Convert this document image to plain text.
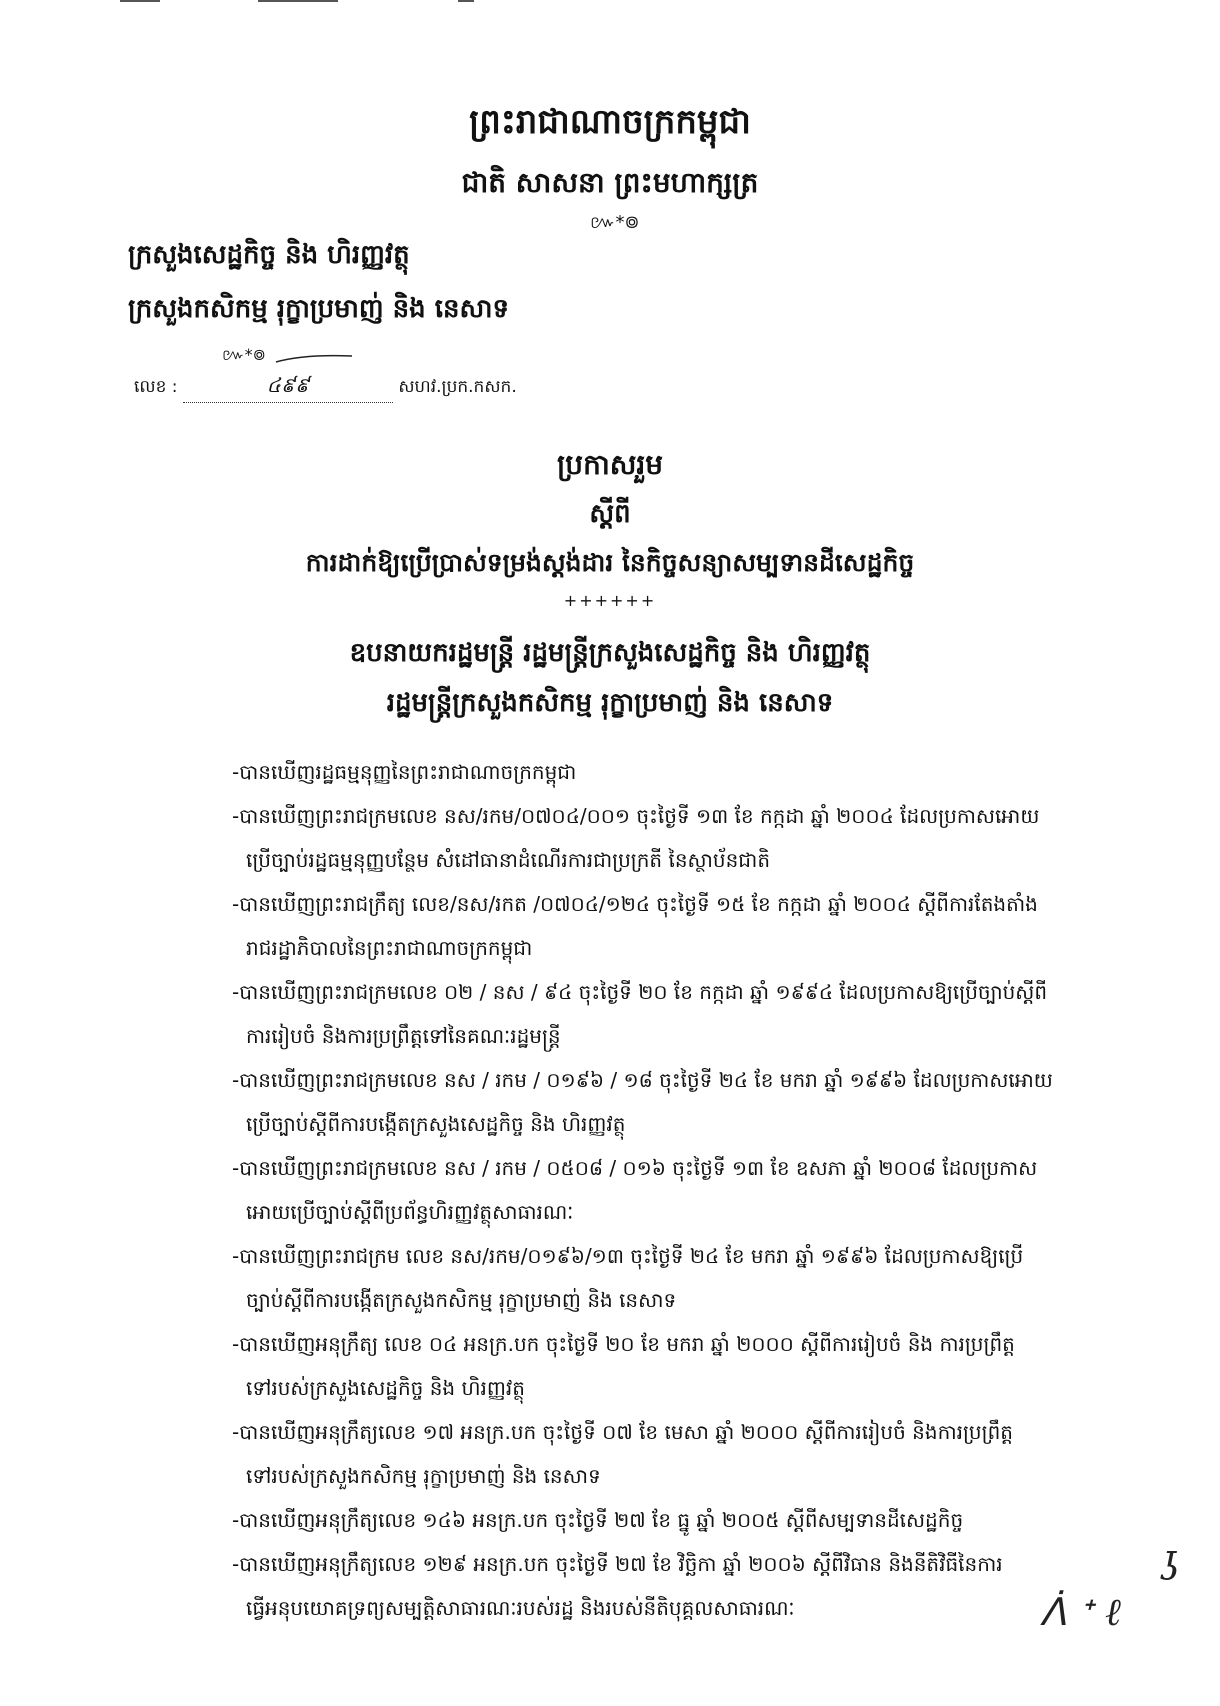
ព្រះរាជាណាចក្រកម្ពុជា
ជាតិ សាសនា ព្រះមហាក្សត្រ
៚*៙
ក្រសួងសេដ្ឋកិច្ច និង ហិរញ្ញវត្ថុ
ក្រសួងកសិកម្ម រុក្ខាប្រមាញ់ និង នេសាទ
៚*៙
លេខ :	៤៩៩	សហវ.ប្រក.កសក.
ប្រកាសរួម
ស្តីពី
ការដាក់ឱ្យប្រើប្រាស់ទម្រង់ស្តង់ដារ នៃកិច្ចសន្យាសម្បទានដីសេដ្ឋកិច្ច
++++++
ឧបនាយករដ្ឋមន្ត្រី រដ្ឋមន្ត្រីក្រសួងសេដ្ឋកិច្ច និង ហិរញ្ញវត្ថុ
រដ្ឋមន្ត្រីក្រសួងកសិកម្ម រុក្ខាប្រមាញ់ និង នេសាទ
-បានឃើញរដ្ឋធម្មនុញ្ញនៃព្រះរាជាណាចក្រកម្ពុជា
-បានឃើញព្រះរាជក្រមលេខ នស/រកម/០៧០៤/០០១ ចុះថ្ងៃទី ១៣ ខែ កក្កដា ឆ្នាំ ២០០៤ ដែលប្រកាសអោយ
ប្រើច្បាប់រដ្ឋធម្មនុញ្ញបន្ថែម សំដៅធានាដំណើរការជាប្រក្រតី នៃស្ថាប័នជាតិ
-បានឃើញព្រះរាជក្រឹត្យ លេខ/នស/រកត /០៧០៤/១២៤ ចុះថ្ងៃទី ១៥ ខែ កក្កដា ឆ្នាំ ២០០៤ ស្តីពីការតែងតាំង
រាជរដ្ឋាភិបាលនៃព្រះរាជាណាចក្រកម្ពុជា
-បានឃើញព្រះរាជក្រមលេខ ០២ / នស / ៩៤ ចុះថ្ងៃទី ២០ ខែ កក្កដា ឆ្នាំ ១៩៩៤ ដែលប្រកាសឱ្យប្រើច្បាប់ស្តីពី
ការរៀបចំ និងការប្រព្រឹត្តទៅនៃគណៈរដ្ឋមន្ត្រី
-បានឃើញព្រះរាជក្រមលេខ នស / រកម / ០១៩៦ / ១៨ ចុះថ្ងៃទី ២៤ ខែ មករា ឆ្នាំ ១៩៩៦ ដែលប្រកាសអោយ
ប្រើច្បាប់ស្តីពីការបង្កើតក្រសួងសេដ្ឋកិច្ច និង ហិរញ្ញវត្ថុ
-បានឃើញព្រះរាជក្រមលេខ នស / រកម / ០៥០៨ / ០១៦ ចុះថ្ងៃទី ១៣ ខែ ឧសភា ឆ្នាំ ២០០៨ ដែលប្រកាស
អោយប្រើច្បាប់ស្តីពីប្រព័ន្ធហិរញ្ញវត្ថុសាធារណៈ
-បានឃើញព្រះរាជក្រម លេខ នស/រកម/០១៩៦/១៣ ចុះថ្ងៃទី ២៤ ខែ មករា ឆ្នាំ ១៩៩៦ ដែលប្រកាសឱ្យប្រើ
ច្បាប់ស្តីពីការបង្កើតក្រសួងកសិកម្ម រុក្ខាប្រមាញ់ និង នេសាទ
-បានឃើញអនុក្រឹត្យ លេខ ០៤ អនក្រ.បក ចុះថ្ងៃទី ២០ ខែ មករា ឆ្នាំ ២០០០ ស្តីពីការរៀបចំ និង ការប្រព្រឹត្ត
ទៅរបស់ក្រសួងសេដ្ឋកិច្ច និង ហិរញ្ញវត្ថុ
-បានឃើញអនុក្រឹត្យលេខ ១៧ អនក្រ.បក ចុះថ្ងៃទី ០៧ ខែ មេសា ឆ្នាំ ២០០០ ស្តីពីការរៀបចំ និងការប្រព្រឹត្ត
ទៅរបស់ក្រសួងកសិកម្ម រុក្ខាប្រមាញ់ និង នេសាទ
-បានឃើញអនុក្រឹត្យលេខ ១៤៦ អនក្រ.បក ចុះថ្ងៃទី ២៧ ខែ ធ្នូ ឆ្នាំ ២០០៥ ស្តីពីសម្បទានដីសេដ្ឋកិច្ច
-បានឃើញអនុក្រឹត្យលេខ ១២៩ អនក្រ.បក ចុះថ្ងៃទី ២៧ ខែ វិច្ឆិកា ឆ្នាំ ២០០៦ ស្តីពីវិធាន និងនីតិវិធីនៃការ
ធ្វើអនុបយោគទ្រព្យសម្បត្តិសាធារណៈរបស់រដ្ឋ និងរបស់នីតិបុគ្គលសាធារណៈ	ᐲ ᐩ ℓ
ʖ
